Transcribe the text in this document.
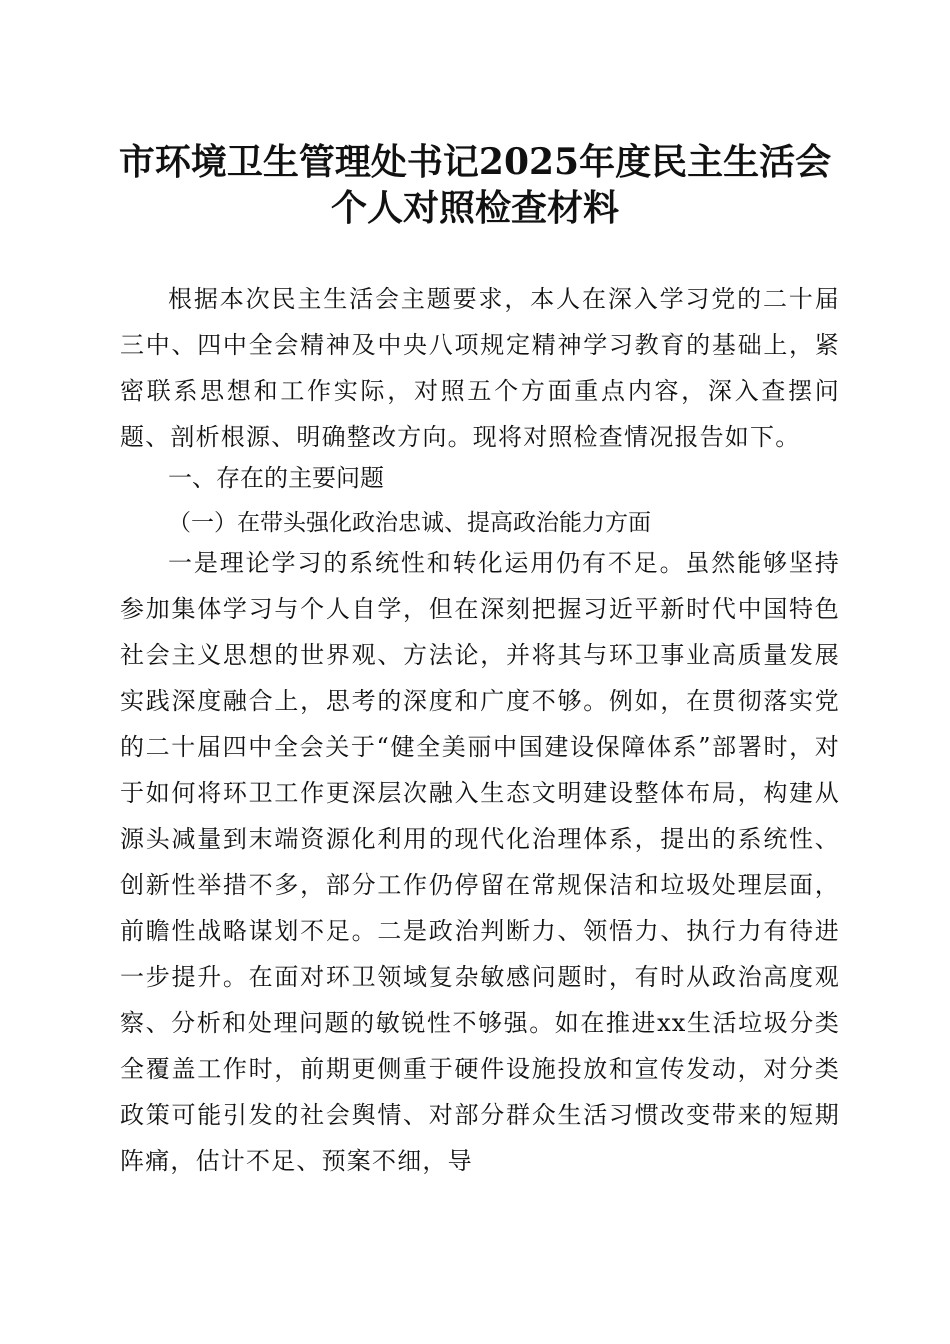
市环境卫生管理处书记2025年度民主生活会
个人对照检查材料

根据本次民主生活会主题要求，本人在深入学习党的二十届三中、四中全会精神及中央八项规定精神学习教育的基础上，紧密联系思想和工作实际，对照五个方面重点内容，深入查摆问题、剖析根源、明确整改方向。现将对照检查情况报告如下。

一、存在的主要问题
（一）在带头强化政治忠诚、提高政治能力方面

一是理论学习的系统性和转化运用仍有不足。虽然能够坚持参加集体学习与个人自学，但在深刻把握习近平新时代中国特色社会主义思想的世界观、方法论，并将其与环卫事业高质量发展实践深度融合上，思考的深度和广度不够。例如，在贯彻落实党的二十届四中全会关于“健全美丽中国建设保障体系”部署时，对于如何将环卫工作更深层次融入生态文明建设整体布局，构建从源头减量到末端资源化利用的现代化治理体系，提出的系统性、创新性举措不多，部分工作仍停留在常规保洁和垃圾处理层面，前瞻性战略谋划不足。二是政治判断力、领悟力、执行力有待进一步提升。在面对环卫领域复杂敏感问题时，有时从政治高度观察、分析和处理问题的敏锐性不够强。如在推进xx生活垃圾分类全覆盖工作时，前期更侧重于硬件设施投放和宣传发动，对分类政策可能引发的社会舆情、对部分群众生活习惯改变带来的短期阵痛，估计不足、预案不细，导
